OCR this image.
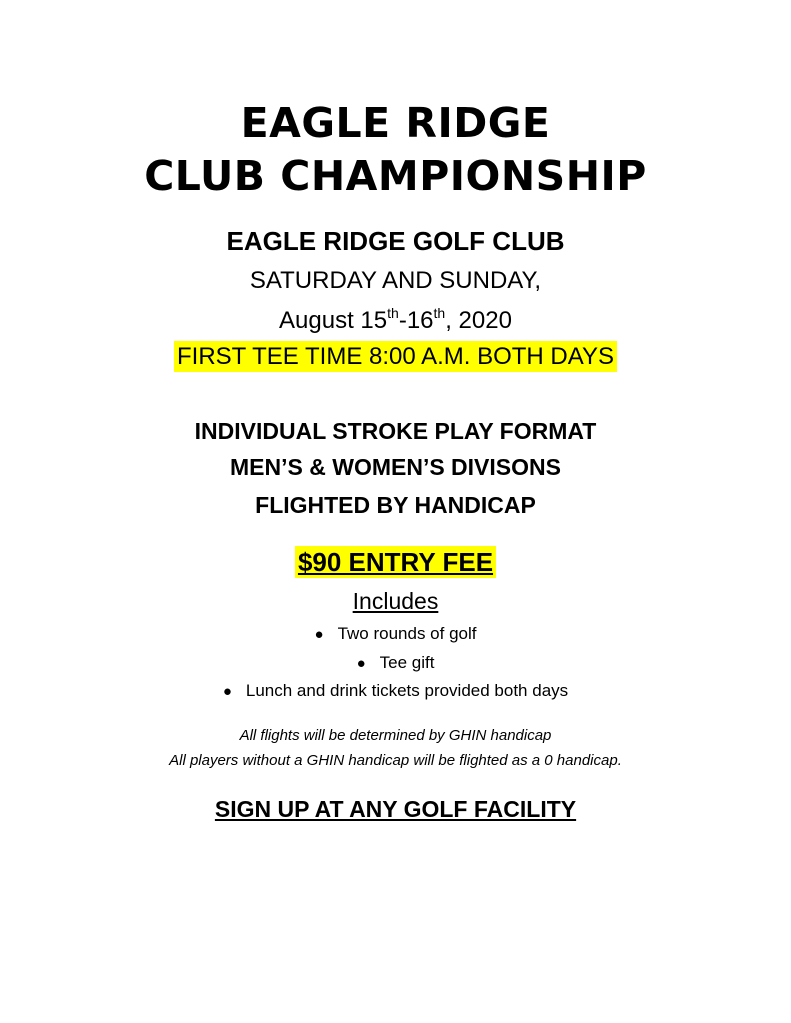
EAGLE RIDGE
CLUB CHAMPIONSHIP
EAGLE RIDGE GOLF CLUB
SATURDAY AND SUNDAY,
August 15th-16th, 2020
FIRST TEE TIME 8:00 A.M. BOTH DAYS
INDIVIDUAL STROKE PLAY FORMAT
MEN’S & WOMEN’S DIVISONS
FLIGHTED BY HANDICAP
$90 ENTRY FEE
Includes
● Two rounds of golf
● Tee gift
● Lunch and drink tickets provided both days
All flights will be determined by GHIN handicap
All players without a GHIN handicap will be flighted as a 0 handicap.
SIGN UP AT ANY GOLF FACILITY
